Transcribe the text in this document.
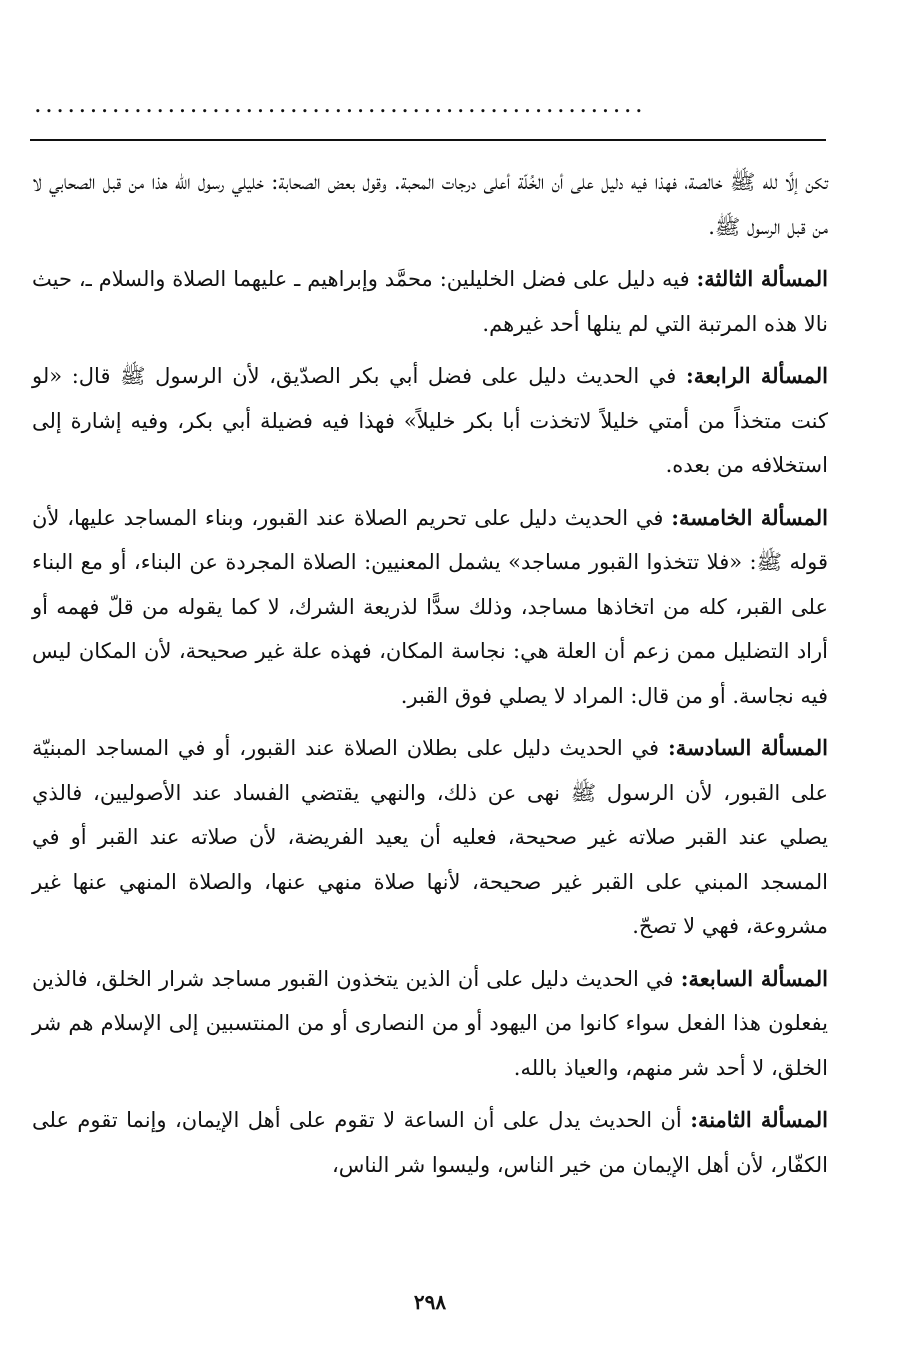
.......................................................

تكن إلَّا لله ﷺ خالصة، فهذا فيه دليل على أن الخُلّة أعلى درجات المحبة. وقول بعض الصحابة: خليلي رسول الله هذا من قبل الصحابي لا من قبل الرسول ﷺ.

المسألة الثالثة: فيه دليل على فضل الخليلين: محمَّد وإبراهيم ـ عليهما الصلاة والسلام ـ، حيث نالا هذه المرتبة التي لم ينلها أحد غيرهم.

المسألة الرابعة: في الحديث دليل على فضل أبي بكر الصدّيق، لأن الرسول ﷺ قال: «لو كنت متخذاً من أمتي خليلاً لاتخذت أبا بكر خليلاً» فهذا فيه فضيلة أبي بكر، وفيه إشارة إلى استخلافه من بعده.

المسألة الخامسة: في الحديث دليل على تحريم الصلاة عند القبور، وبناء المساجد عليها، لأن قوله ﷺ: «فلا تتخذوا القبور مساجد» يشمل المعنيين: الصلاة المجردة عن البناء، أو مع البناء على القبر، كله من اتخاذها مساجد، وذلك سدًّا لذريعة الشرك، لا كما يقوله من قلّ فهمه أو أراد التضليل ممن زعم أن العلة هي: نجاسة المكان، فهذه علة غير صحيحة، لأن المكان ليس فيه نجاسة. أو من قال: المراد لا يصلي فوق القبر.

المسألة السادسة: في الحديث دليل على بطلان الصلاة عند القبور، أو في المساجد المبنيّة على القبور، لأن الرسول ﷺ نهى عن ذلك، والنهي يقتضي الفساد عند الأصوليين، فالذي يصلي عند القبر صلاته غير صحيحة، فعليه أن يعيد الفريضة، لأن صلاته عند القبر أو في المسجد المبني على القبر غير صحيحة، لأنها صلاة منهي عنها، والصلاة المنهي عنها غير مشروعة، فهي لا تصحّ.

المسألة السابعة: في الحديث دليل على أن الذين يتخذون القبور مساجد شرار الخلق، فالذين يفعلون هذا الفعل سواء كانوا من اليهود أو من النصارى أو من المنتسبين إلى الإسلام هم شر الخلق، لا أحد شر منهم، والعياذ بالله.

المسألة الثامنة: أن الحديث يدل على أن الساعة لا تقوم على أهل الإيمان، وإنما تقوم على الكفّار، لأن أهل الإيمان من خير الناس، وليسوا شر الناس،

٢٩٨
